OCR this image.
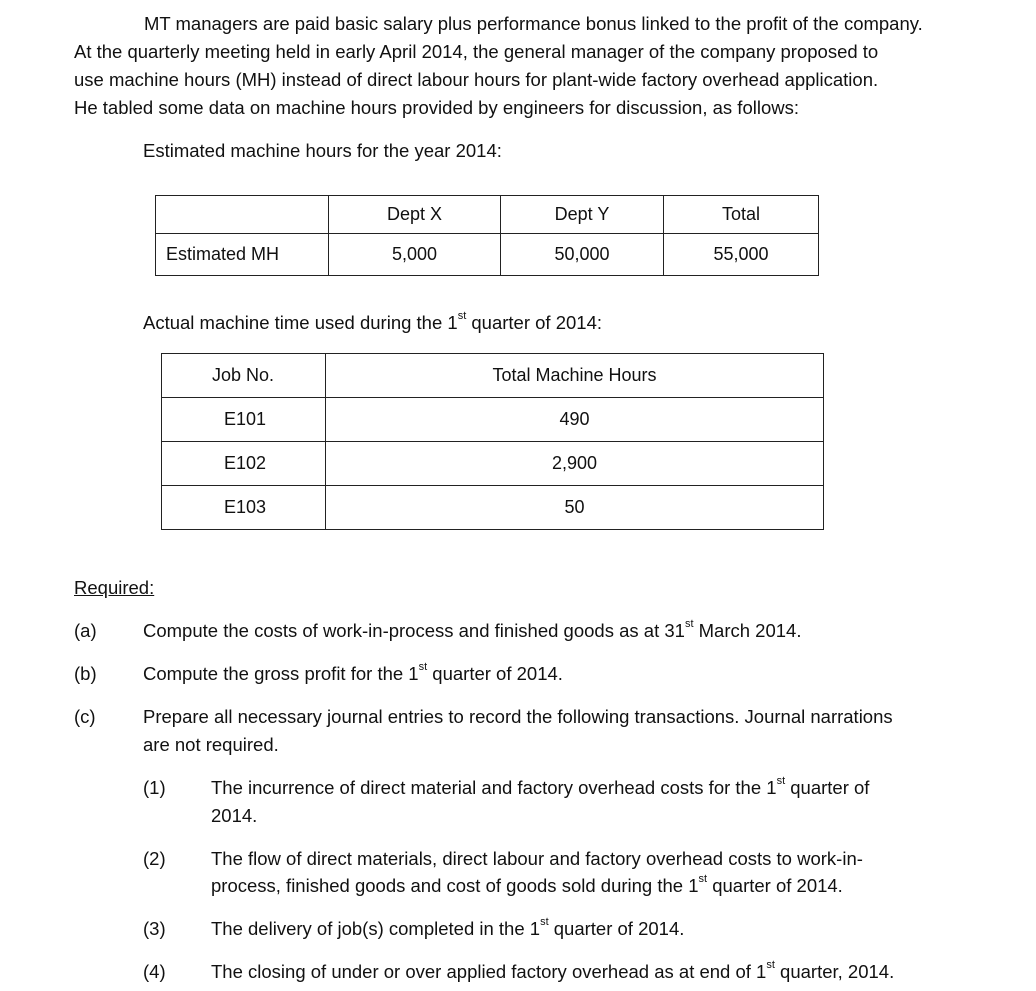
MT managers are paid basic salary plus performance bonus linked to the profit of the company.
At the quarterly meeting held in early April 2014, the general manager of the company proposed to
use machine hours (MH) instead of direct labour hours for plant-wide factory overhead application.
He tabled some data on machine hours provided by engineers for discussion, as follows:
Estimated machine hours for the year 2014:
	Dept X	Dept Y	Total
Estimated MH	5,000	50,000	55,000
Actual machine time used during the 1st quarter of 2014:
Job No.	Total Machine Hours
E101	490
E102	2,900
E103	50
Required:
(a)	Compute the costs of work-in-process and finished goods as at 31st March 2014.
(b)	Compute the gross profit for the 1st quarter of 2014.
(c)	Prepare all necessary journal entries to record the following transactions. Journal narrations
are not required.
(1) The incurrence of direct material and factory overhead costs for the 1st quarter of
2014.
(2) The flow of direct materials, direct labour and factory overhead costs to work-in-
process, finished goods and cost of goods sold during the 1st quarter of 2014.
(3) The delivery of job(s) completed in the 1st quarter of 2014.
(4) The closing of under or over applied factory overhead as at end of 1st quarter, 2014.
